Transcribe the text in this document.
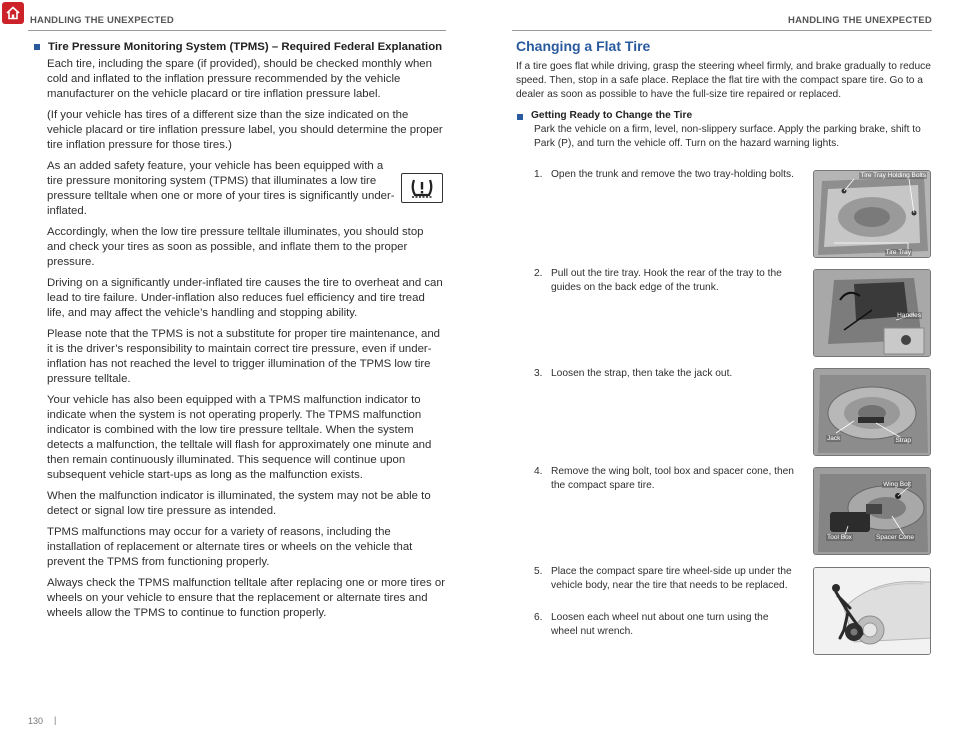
HANDLING THE UNEXPECTED	HANDLING THE UNEXPECTED
Tire Pressure Monitoring System (TPMS) – Required Federal Explanation

Each tire, including the spare (if provided), should be checked monthly when cold and inflated to the inflation pressure recommended by the vehicle manufacturer on the vehicle placard or tire inflation pressure label.

(If your vehicle has tires of a different size than the size indicated on the vehicle placard or tire inflation pressure label, you should determine the proper tire inflation pressure for those tires.)

As an added safety feature, your vehicle has been equipped with a tire pressure monitoring system (TPMS) that illuminates a low tire pressure telltale when one or more of your tires is significantly under-inflated.

Accordingly, when the low tire pressure telltale illuminates, you should stop and check your tires as soon as possible, and inflate them to the proper pressure.

Driving on a significantly under-inflated tire causes the tire to overheat and can lead to tire failure. Under-inflation also reduces fuel efficiency and tire tread life, and may affect the vehicle’s handling and stopping ability.

Please note that the TPMS is not a substitute for proper tire maintenance, and it is the driver’s responsibility to maintain correct tire pressure, even if under-inflation has not reached the level to trigger illumination of the TPMS low tire pressure telltale.

Your vehicle has also been equipped with a TPMS malfunction indicator to indicate when the system is not operating properly. The TPMS malfunction indicator is combined with the low tire pressure telltale. When the system detects a malfunction, the telltale will flash for approximately one minute and then remain continuously illuminated. This sequence will continue upon subsequent vehicle start-ups as long as the malfunction exists.

When the malfunction indicator is illuminated, the system may not be able to detect or signal low tire pressure as intended.

TPMS malfunctions may occur for a variety of reasons, including the installation of replacement or alternate tires or wheels on the vehicle that prevent the TPMS from functioning properly.

Always check the TPMS malfunction telltale after replacing one or more tires or wheels on your vehicle to ensure that the replacement or alternate tires and wheels allow the TPMS to continue to function properly.

Changing a Flat Tire

If a tire goes flat while driving, grasp the steering wheel firmly, and brake gradually to reduce speed. Then, stop in a safe place. Replace the flat tire with the compact spare tire. Go to a dealer as soon as possible to have the full-size tire repaired or replaced.

Getting Ready to Change the Tire

Park the vehicle on a firm, level, non-slippery surface. Apply the parking brake, shift to Park (P), and turn the vehicle off. Turn on the hazard warning lights.

1. Open the trunk and remove the two tray-holding bolts.
2. Pull out the tire tray. Hook the rear of the tray to the guides on the back edge of the trunk.
3. Loosen the strap, then take the jack out.
4. Remove the wing bolt, tool box and spacer cone, then the compact spare tire.
5. Place the compact spare tire wheel-side up under the vehicle body, near the tire that needs to be replaced.
6. Loosen each wheel nut about one turn using the wheel nut wrench.
Tire Tray Holding Bolts
Tire Tray
Handles
Jack	Strap
Wing Bolt
Tool Box	Spacer Cone
130 |
